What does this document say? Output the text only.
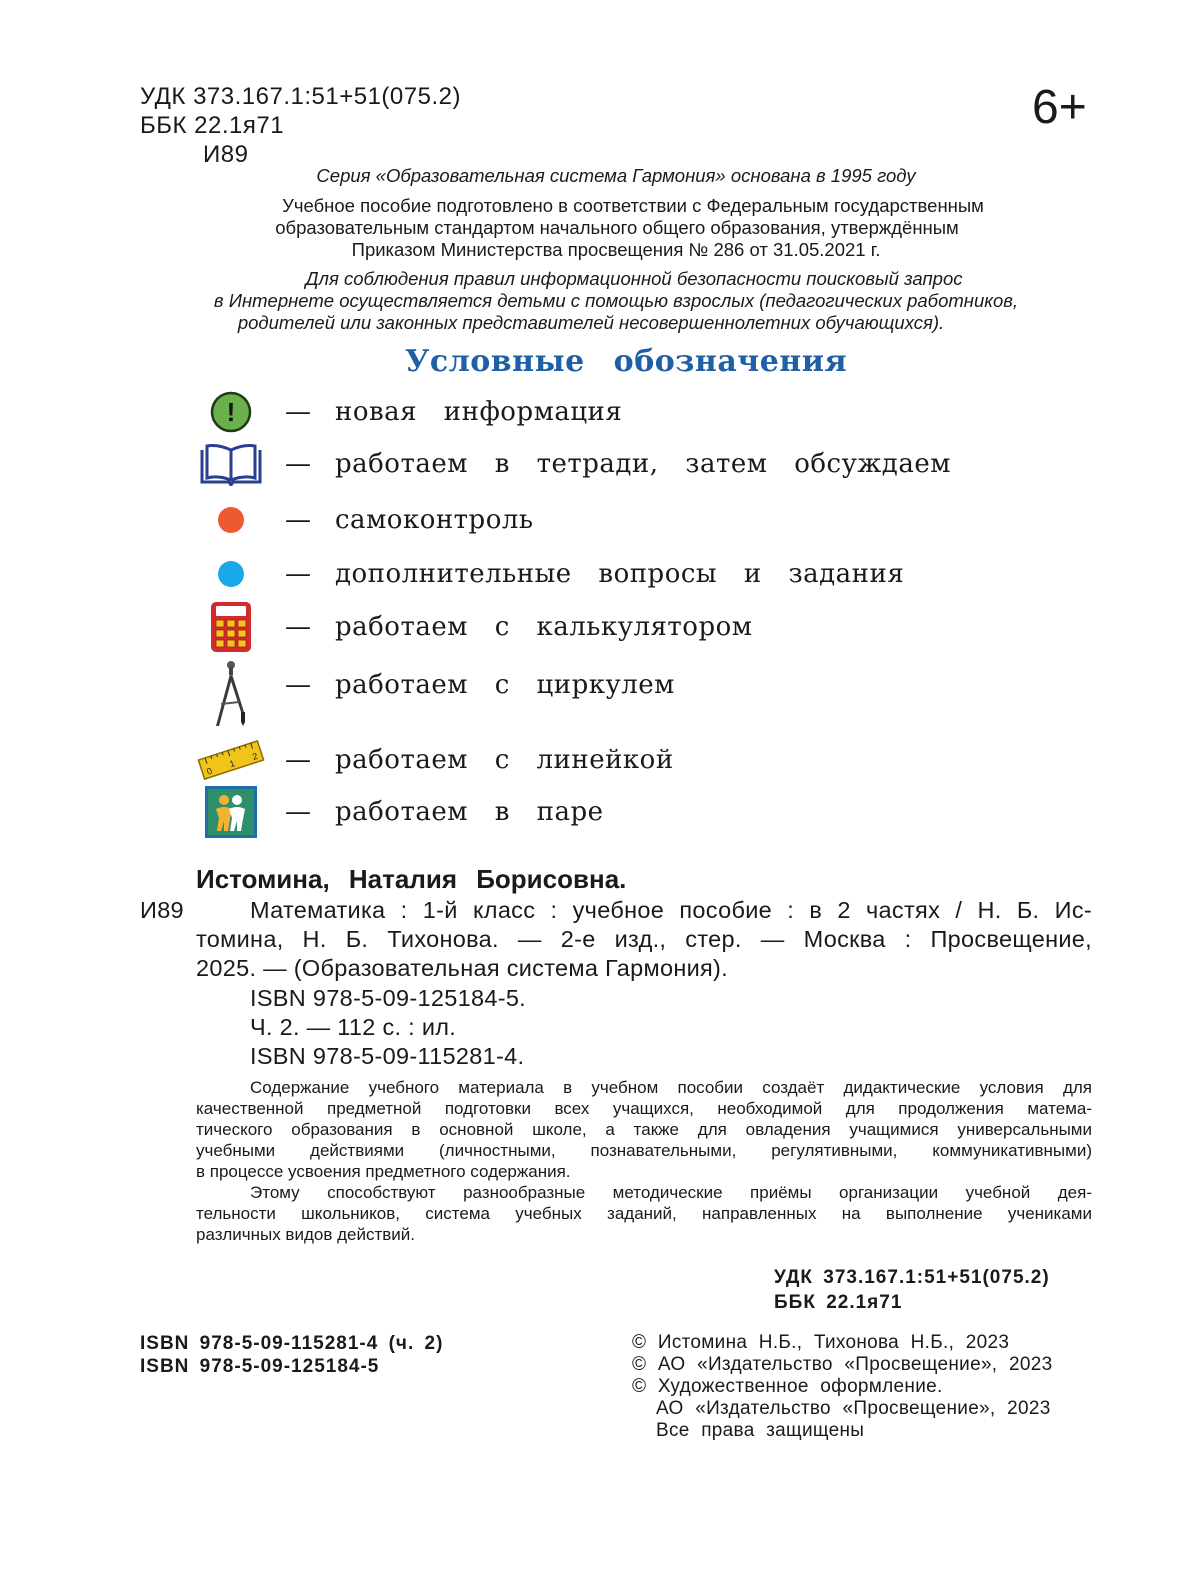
УДК 373.167.1:51+51(075.2)
ББК 22.1я71
И89
6+
Серия «Образовательная система Гармония» основана в 1995 году
Учебное пособие подготовлено в соответствии с Федеральным государственным
образовательным стандартом начального общего образования, утверждённым
Приказом Министерства просвещения № 286 от 31.05.2021 г.
Для соблюдения правил информационной безопасности поисковый запрос
в Интернете осуществляется детьми с помощью взрослых (педагогических работников,
родителей или законных представителей несовершеннолетних обучающихся).
Условные обозначения
!	— новая информация
— работаем в тетради, затем обсуждаем
— самоконтроль
— дополнительные вопросы и задания
— работаем с калькулятором
— работаем с циркулем
0
1
2	— работаем с линейкой
— работаем в паре
Истомина, Наталия Борисовна.
И89	Математика : 1-й класс : учебное пособие : в 2 частях / Н. Б. Ис-
томина, Н. Б. Тихонова. — 2-е изд., стер. — Москва : Просвещение,
2025. — (Образовательная система Гармония).
ISBN 978-5-09-125184-5.
Ч. 2. — 112 с. : ил.
ISBN 978-5-09-115281-4.
Содержание учебного материала в учебном пособии создаёт дидактические условия для
качественной предметной подготовки всех учащихся, необходимой для продолжения матема-
тического образования в основной школе, а также для овладения учащимися универсальными
учебными действиями (личностными, познавательными, регулятивными, коммуникативными)
в процессе усвоения предметного содержания.
Этому способствуют разнообразные методические приёмы организации учебной дея-
тельности школьников, система учебных заданий, направленных на выполнение учениками
различных видов действий.
УДК 373.167.1:51+51(075.2)
ББК 22.1я71
ISBN 978-5-09-115281-4 (ч. 2)
ISBN 978-5-09-125184-5
© Истомина Н.Б., Тихонова Н.Б., 2023
© АО «Издательство «Просвещение», 2023
© Художественное оформление.
АО «Издательство «Просвещение», 2023
Все права защищены
